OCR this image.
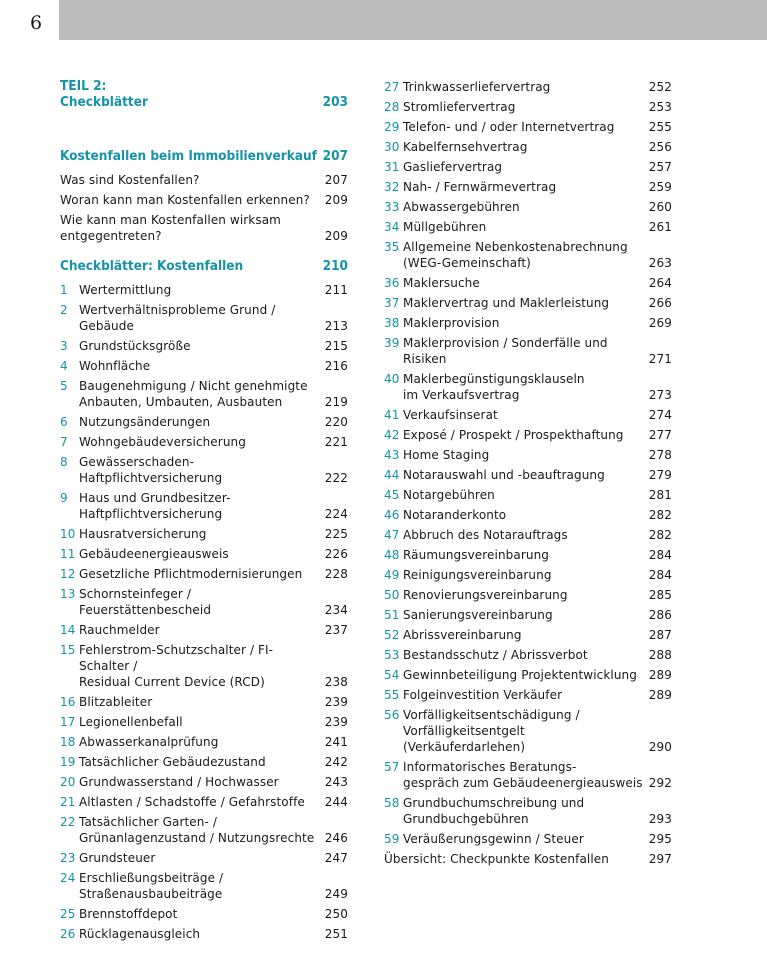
6
TEIL 2:
Checkblätter	203
Kostenfallen beim Immobilienverkauf 207
Was sind Kostenfallen?	207
Woran kann man Kostenfallen erkennen? 209
Wie kann man Kostenfallen wirksam
entgegentreten?	209
Checkblätter: Kostenfallen	210
1 Wertermittlung	211
2 Wertverhältnisprobleme Grund / Gebäude	213
3 Grundstücksgröße	215
4 Wohnfläche	216
5 Baugenehmigung / Nicht genehmigte
Anbauten, Umbauten, Ausbauten	219
6 Nutzungsänderungen	220
7 Wohngebäudeversicherung	221
8 Gewässerschaden-Haftpflichtversicherung	222
9 Haus und Grundbesitzer-
Haftpflichtversicherung	224
10 Hausratversicherung	225
11 Gebäudeenergieausweis	226
12 Gesetzliche Pflichtmodernisierungen	228
13 Schornsteinfeger / Feuerstättenbescheid	234
14 Rauchmelder	237
15 Fehlerstrom-Schutzschalter / FI-Schalter /
Residual Current Device (RCD)	238
16 Blitzableiter	239
17 Legionellenbefall	239
18 Abwasserkanalprüfung	241
19 Tatsächlicher Gebäudezustand	242
20 Grundwasserstand / Hochwasser	243
21 Altlasten / Schadstoffe / Gefahrstoffe	244
22 Tatsächlicher Garten- /
Grünanlagenzustand / Nutzungsrechte 246
23 Grundsteuer	247
24 Erschließungsbeiträge /
Straßenausbaubeiträge	249
25 Brennstoffdepot	250
26 Rücklagenausgleich	251
27 Trinkwasserliefervertrag	252
28 Stromliefervertrag	253
29 Telefon- und / oder Internetvertrag	255
30 Kabelfernsehvertrag	256
31 Gasliefervertrag	257
32 Nah- / Fernwärmevertrag	259
33 Abwassergebühren	260
34 Müllgebühren	261
35 Allgemeine Nebenkostenabrechnung
(WEG-Gemeinschaft)	263
36 Maklersuche	264
37 Maklervertrag und Maklerleistung	266
38 Maklerprovision	269
39 Maklerprovision / Sonderfälle und Risiken	271
40 Maklerbegünstigungsklauseln
im Verkaufsvertrag	273
41 Verkaufsinserat	274
42 Exposé / Prospekt / Prospekthaftung	277
43 Home Staging	278
44 Notarauswahl und -beauftragung	279
45 Notargebühren	281
46 Notaranderkonto	282
47 Abbruch des Notarauftrags	282
48 Räumungsvereinbarung	284
49 Reinigungsvereinbarung	284
50 Renovierungsvereinbarung	285
51 Sanierungsvereinbarung	286
52 Abrissvereinbarung	287
53 Bestandsschutz / Abrissverbot	288
54 Gewinnbeteiligung Projektentwicklung 289
55 Folgeinvestition Verkäufer	289
56 Vorfälligkeitsentschädigung /
Vorfälligkeitsentgelt (Verkäuferdarlehen)	290
57 Informatorisches Beratungs-
gespräch zum Gebäudeenergieausweis 292
58 Grundbuchumschreibung und
Grundbuchgebühren	293
59 Veräußerungsgewinn / Steuer	295
Übersicht: Checkpunkte Kostenfallen	297
